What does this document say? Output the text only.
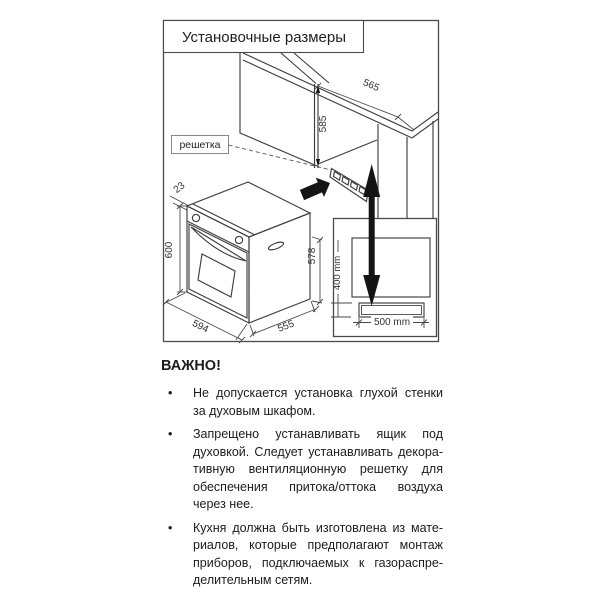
Установочные размеры
565
585
решетка
23
600
594	555
578 400 mm
500 mm
ВАЖНО!
•	Не допускается установка глухой стенки
за духовым шкафом.
•	Запрещено устанавливать ящик под
духовкой. Следует устанавливать декора-
тивную вентиляционную решетку для
обеспечения притока/оттока воздуха
через нее.
•	Кухня должна быть изготовлена из мате-
риалов, которые предполагают монтаж
приборов, подключаемых к газораспре-
делительным сетям.
